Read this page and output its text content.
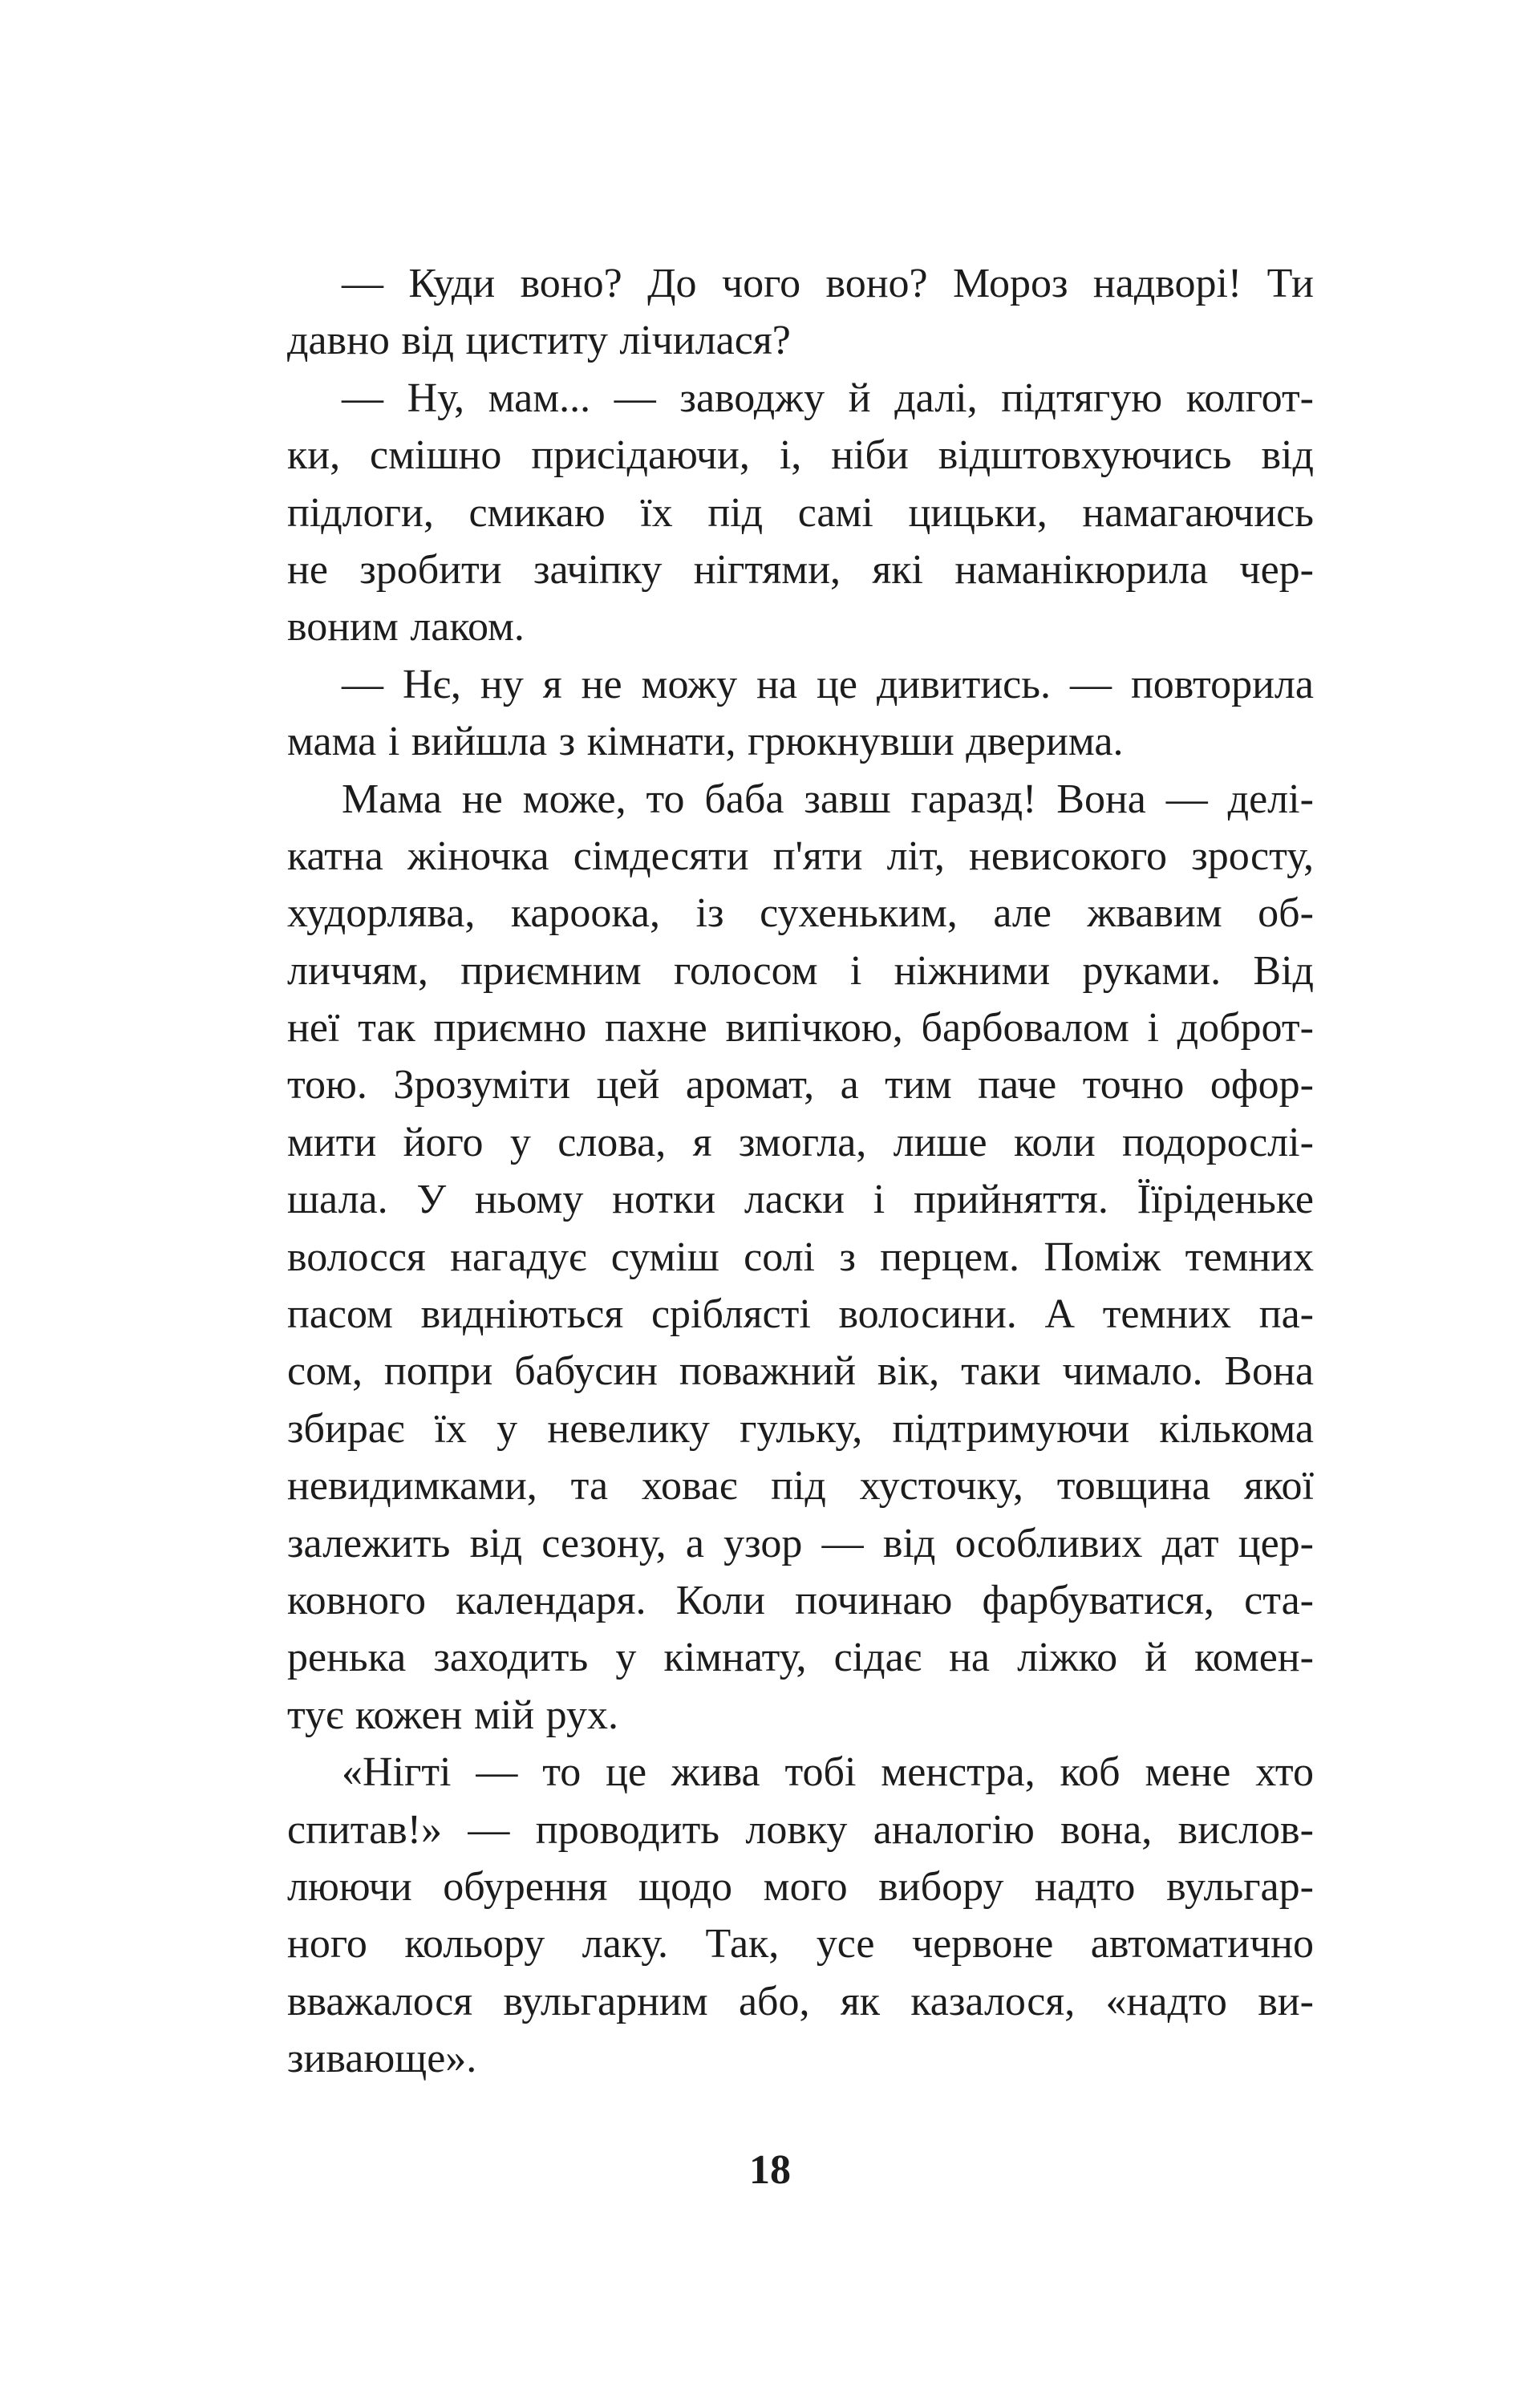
— Куди воно? До чого воно? Мороз надворі! Ти
давно від циститу лічилася?
— Ну, мам... — заводжу й далі, підтягую колгот-
ки, смішно присідаючи, і, ніби відштовхуючись від
підлоги, смикаю їх під самі цицьки, намагаючись
не зробити зачіпку нігтями, які наманікюрила чер-
воним лаком.
— Нє, ну я не можу на це дивитись. — повторила
мама і вийшла з кімнати, грюкнувши дверима.
Мама не може, то баба завш гаразд! Вона — делі-
катна жіночка сімдесяти п'яти літ, невисокого зросту,
худорлява, кароока, із сухеньким, але жвавим об-
личчям, приємним голосом і ніжними руками. Від
неї так приємно пахне випічкою, барбовалом і доброт-
тою. Зрозуміти цей аромат, а тим паче точно офор-
мити його у слова, я змогла, лише коли подорослі-
шала. У ньому нотки ласки і прийняття. Їїріденьке
волосся нагадує суміш солі з перцем. Поміж темних
пасом видніються сріблясті волосини. А темних па-
сом, попри бабусин поважний вік, таки чимало. Вона
збирає їх у невелику гульку, підтримуючи кількома
невидимками, та ховає під хусточку, товщина якої
залежить від сезону, а узор — від особливих дат цер-
ковного календаря. Коли починаю фарбуватися, ста-
ренька заходить у кімнату, сідає на ліжко й комен-
тує кожен мій рух.
«Нігті — то це жива тобі менстра, коб мене хто
спитав!» — проводить ловку аналогію вона, вислов-
люючи обурення щодо мого вибору надто вульгар-
ного кольору лаку. Так, усе червоне автоматично
вважалося вульгарним або, як казалося, «надто ви-
зивающе».
18
